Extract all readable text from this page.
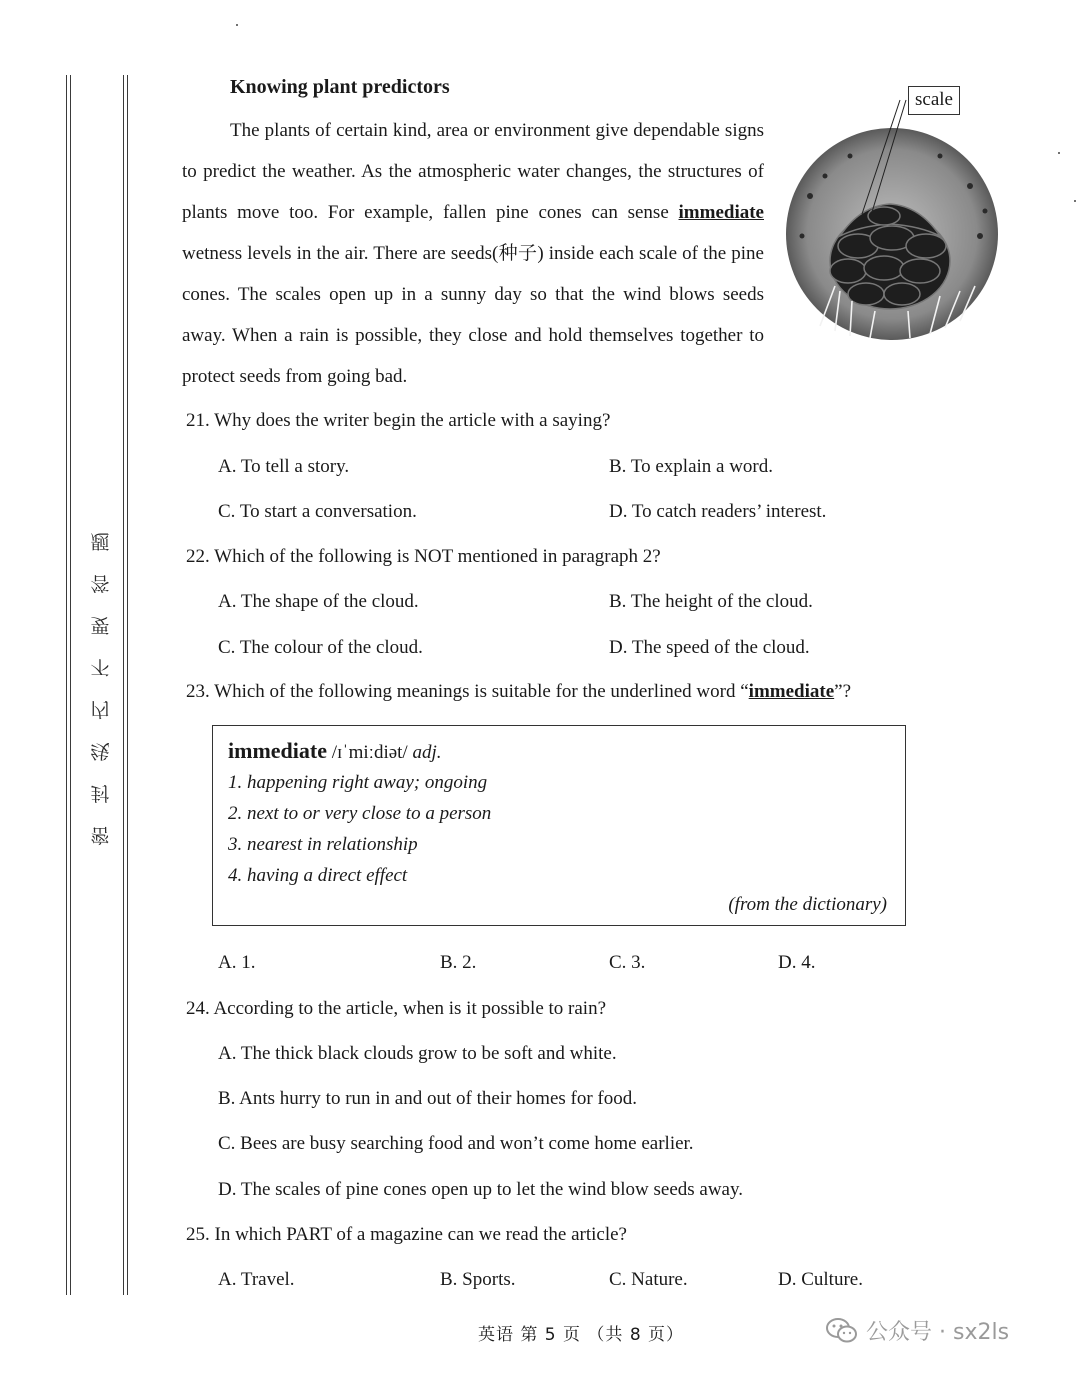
密
封
线
内
不
要
答
题
Knowing plant predictors

The plants of certain kind, area or environment give dependable signs to predict the weather. As the atmospheric water changes, the structures of plants move too. For example, fallen pine cones can sense immediate wetness levels in the air. There are seeds(种子) inside each scale of the pine cones. The scales open up in a sunny day so that the wind blows seeds away. When a rain is possible, they close and hold themselves together to protect seeds from going bad.

scale

21. Why does the writer begin the article with a saying?

A. To tell a story.	B. To explain a word.
C. To start a conversation.	D. To catch readers’ interest.

22. Which of the following is NOT mentioned in paragraph 2?

A. The shape of the cloud.	B. The height of the cloud.
C. The colour of the cloud.	D. The speed of the cloud.

23. Which of the following meanings is suitable for the underlined word “immediate”?

immediate /ɪˈmiːdiət/ adj.
1. happening right away; ongoing
2. next to or very close to a person
3. nearest in relationship
4. having a direct effect
(from the dictionary)
A. 1.	B. 2.	C. 3.	D. 4.

24. According to the article, when is it possible to rain?

A. The thick black clouds grow to be soft and white.
B. Ants hurry to run in and out of their homes for food.
C. Bees are busy searching food and won’t come home earlier.
D. The scales of pine cones open up to let the wind blow seeds away.

25. In which PART of a magazine can we read the article?

A. Travel.	B. Sports.	C. Nature.	D. Culture.
英语 第 5 页 （共 8 页）	公众号 · sx2ls
